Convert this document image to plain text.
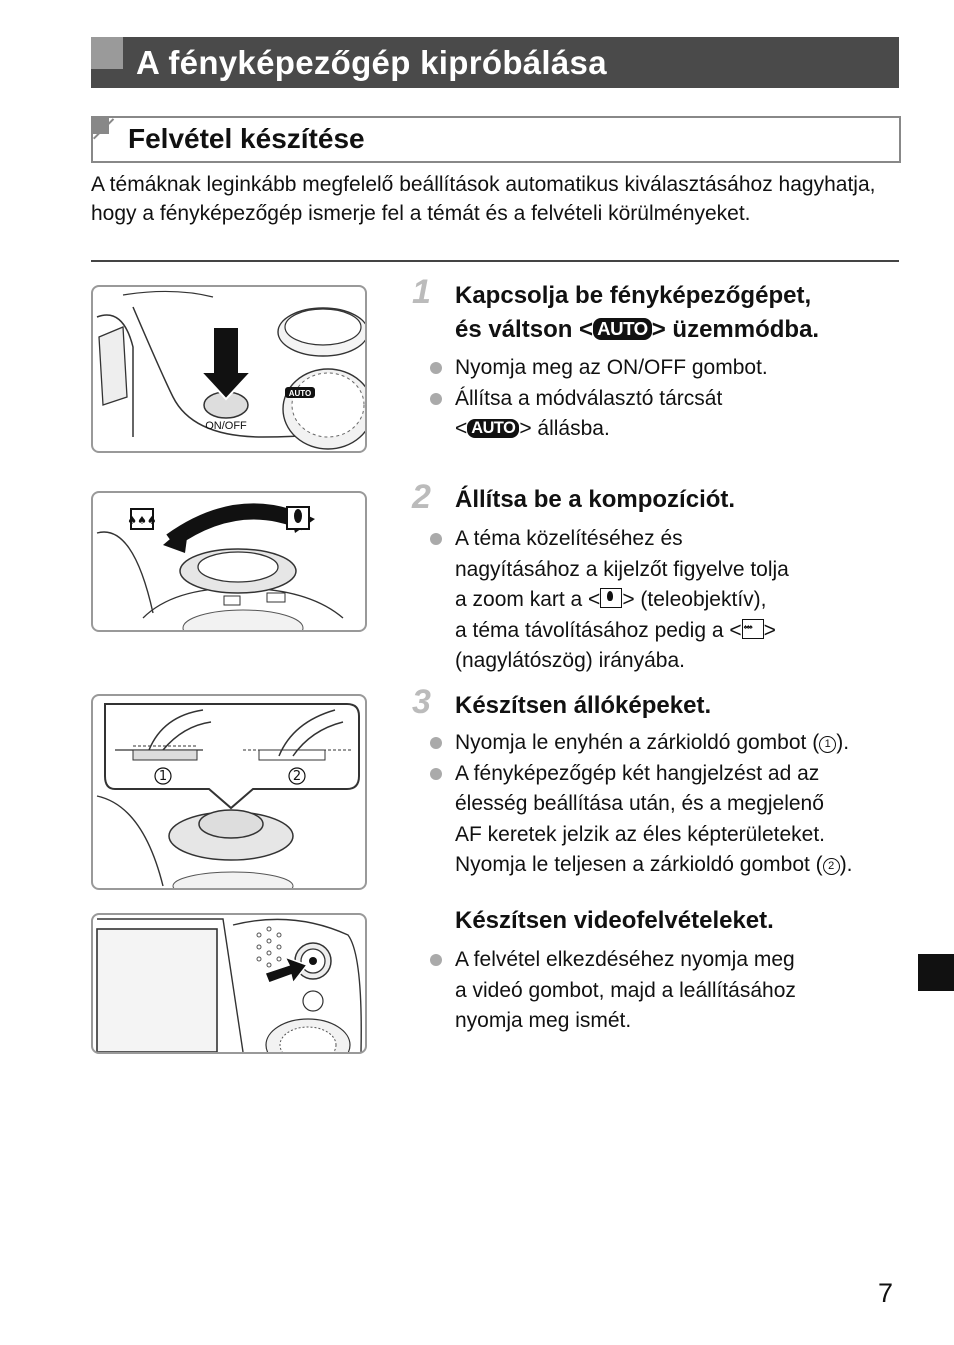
A fényképezőgép kipróbálása
Felvétel készítése
A témáknak leginkább megfelelő beállítások automatikus kiválasztásához hagyhatja, hogy a fényképezőgép ismerje fel a témát és a felvételi körülményeket.
AUTO
ON/OFF
♠♠♠
1	2
1 Kapcsolja be fényképezőgépet,
és váltson < AUTO > üzemmódba.
Nyomja meg az ON/OFF gombot.
Állítsa a módválasztó tárcsát
< AUTO > állásba.
2 Állítsa be a kompozíciót.
A téma közelítéséhez és
nagyításához a kijelzőt figyelve tolja
a zoom kart a < > (teleobjektív),
a téma távolításához pedig a < ♠♠♠ >
(nagylátószög) irányába.
3 Készítsen állóképeket.
Nyomja le enyhén a zárkioldó gombot ( 1 ).
A fényképezőgép két hangjelzést ad az
élesség beállítása után, és a megjelenő
AF keretek jelzik az éles képterületeket.
Nyomja le teljesen a zárkioldó gombot ( 2 ).
Készítsen videofelvételeket.
A felvétel elkezdéséhez nyomja meg
a videó gombot, majd a leállításához
nyomja meg ismét.
7
